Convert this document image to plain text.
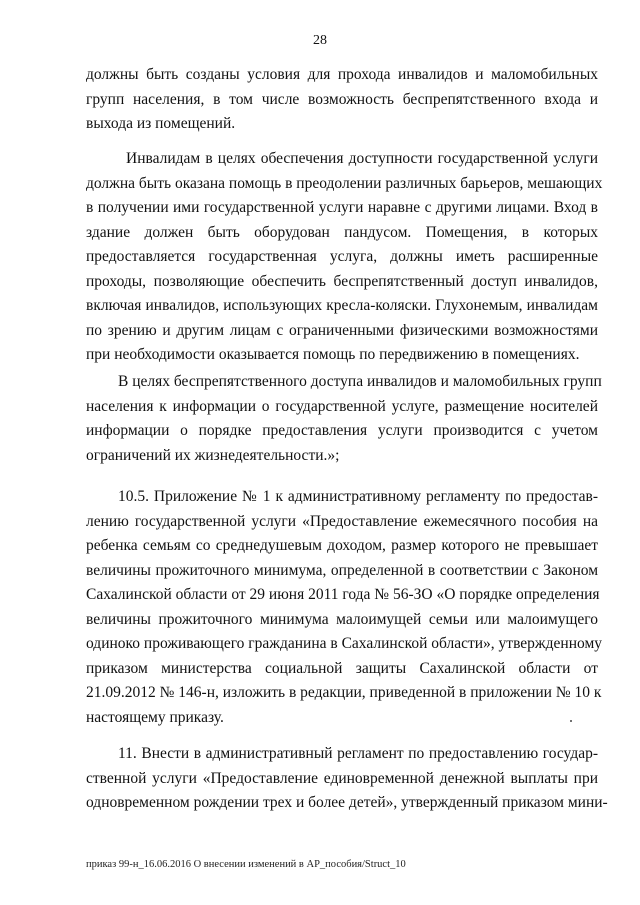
28
должны быть созданы условия для прохода инвалидов и маломобильных
групп населения, в том числе возможность беспрепятственного входа и
выхода из помещений.
Инвалидам в целях обеспечения доступности государственной услуги
должна быть оказана помощь в преодолении различных барьеров, мешающих
в получении ими государственной услуги наравне с другими лицами. Вход в
здание должен быть оборудован пандусом. Помещения, в которых
предоставляется государственная услуга, должны иметь расширенные
проходы, позволяющие обеспечить беспрепятственный доступ инвалидов,
включая инвалидов, использующих кресла-коляски. Глухонемым, инвалидам
по зрению и другим лицам с ограниченными физическими возможностями
при необходимости оказывается помощь по передвижению в помещениях.
В целях беспрепятственного доступа инвалидов и маломобильных групп
населения к информации о государственной услуге, размещение носителей
информации о порядке предоставления услуги производится с учетом
ограничений их жизнедеятельности.»;
10.5. Приложение № 1 к административному регламенту по предостав-
лению государственной услуги «Предоставление ежемесячного пособия на
ребенка семьям со среднедушевым доходом, размер которого не превышает
величины прожиточного минимума, определенной в соответствии с Законом
Сахалинской области от 29 июня 2011 года № 56-ЗО «О порядке определения
величины прожиточного минимума малоимущей семьи или малоимущего
одиноко проживающего гражданина в Сахалинской области», утвержденному
приказом министерства социальной защиты Сахалинской области от
21.09.2012 № 146-н, изложить в редакции, приведенной в приложении № 10 к
настоящему приказу.
11. Внести в административный регламент по предоставлению государ-
ственной услуги «Предоставление единовременной денежной выплаты при
одновременном рождении трех и более детей», утвержденный приказом мини-
приказ 99-н_16.06.2016 О внесении изменений в АР_пособия/Struct_10
